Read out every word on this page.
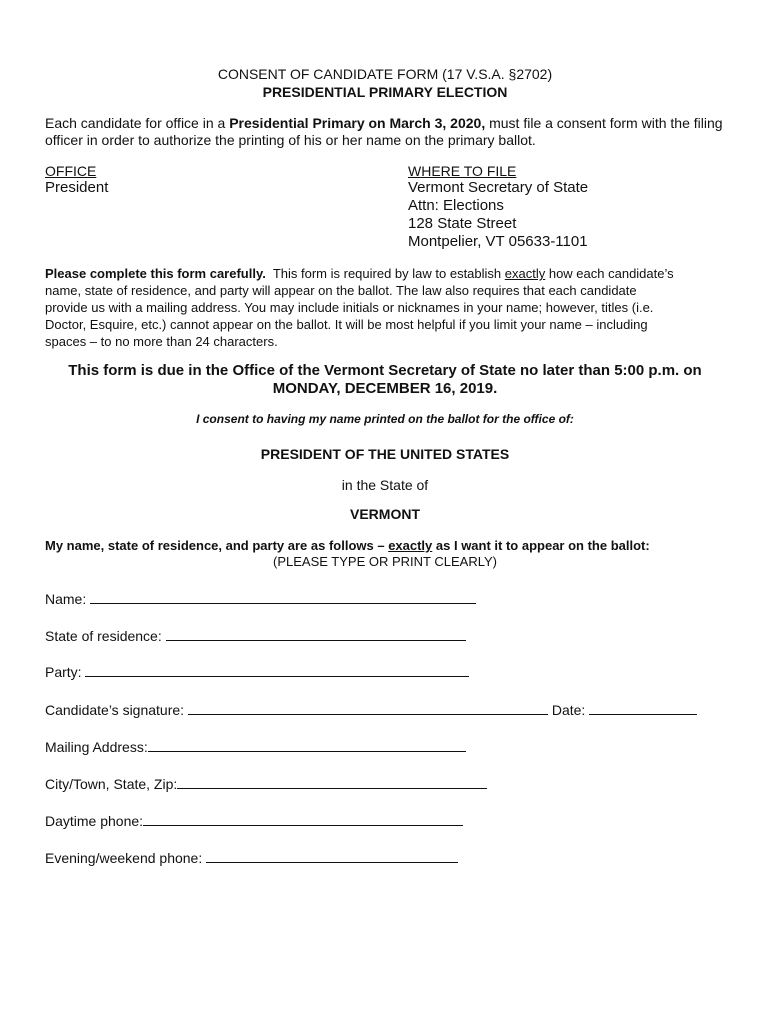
CONSENT OF CANDIDATE FORM (17 V.S.A. §2702)
PRESIDENTIAL PRIMARY ELECTION
Each candidate for office in a Presidential Primary on March 3, 2020, must file a consent form with the filing
officer in order to authorize the printing of his or her name on the primary ballot.
OFFICE
President
WHERE TO FILE
Vermont Secretary of State
Attn: Elections
128 State Street
Montpelier, VT 05633-1101
Please complete this form carefully.  This form is required by law to establish exactly how each candidate’s
name, state of residence, and party will appear on the ballot. The law also requires that each candidate
provide us with a mailing address. You may include initials or nicknames in your name; however, titles (i.e.
Doctor, Esquire, etc.) cannot appear on the ballot. It will be most helpful if you limit your name – including
spaces – to no more than 24 characters.
This form is due in the Office of the Vermont Secretary of State no later than 5:00 p.m. on
MONDAY, DECEMBER 16, 2019.
I consent to having my name printed on the ballot for the office of:
PRESIDENT OF THE UNITED STATES
in the State of
VERMONT
My name, state of residence, and party are as follows – exactly as I want it to appear on the ballot:
(PLEASE TYPE OR PRINT CLEARLY)
Name:
State of residence:
Party:
Candidate’s signature:	Date:
Mailing Address:
City/Town, State, Zip:
Daytime phone:
Evening/weekend phone:
